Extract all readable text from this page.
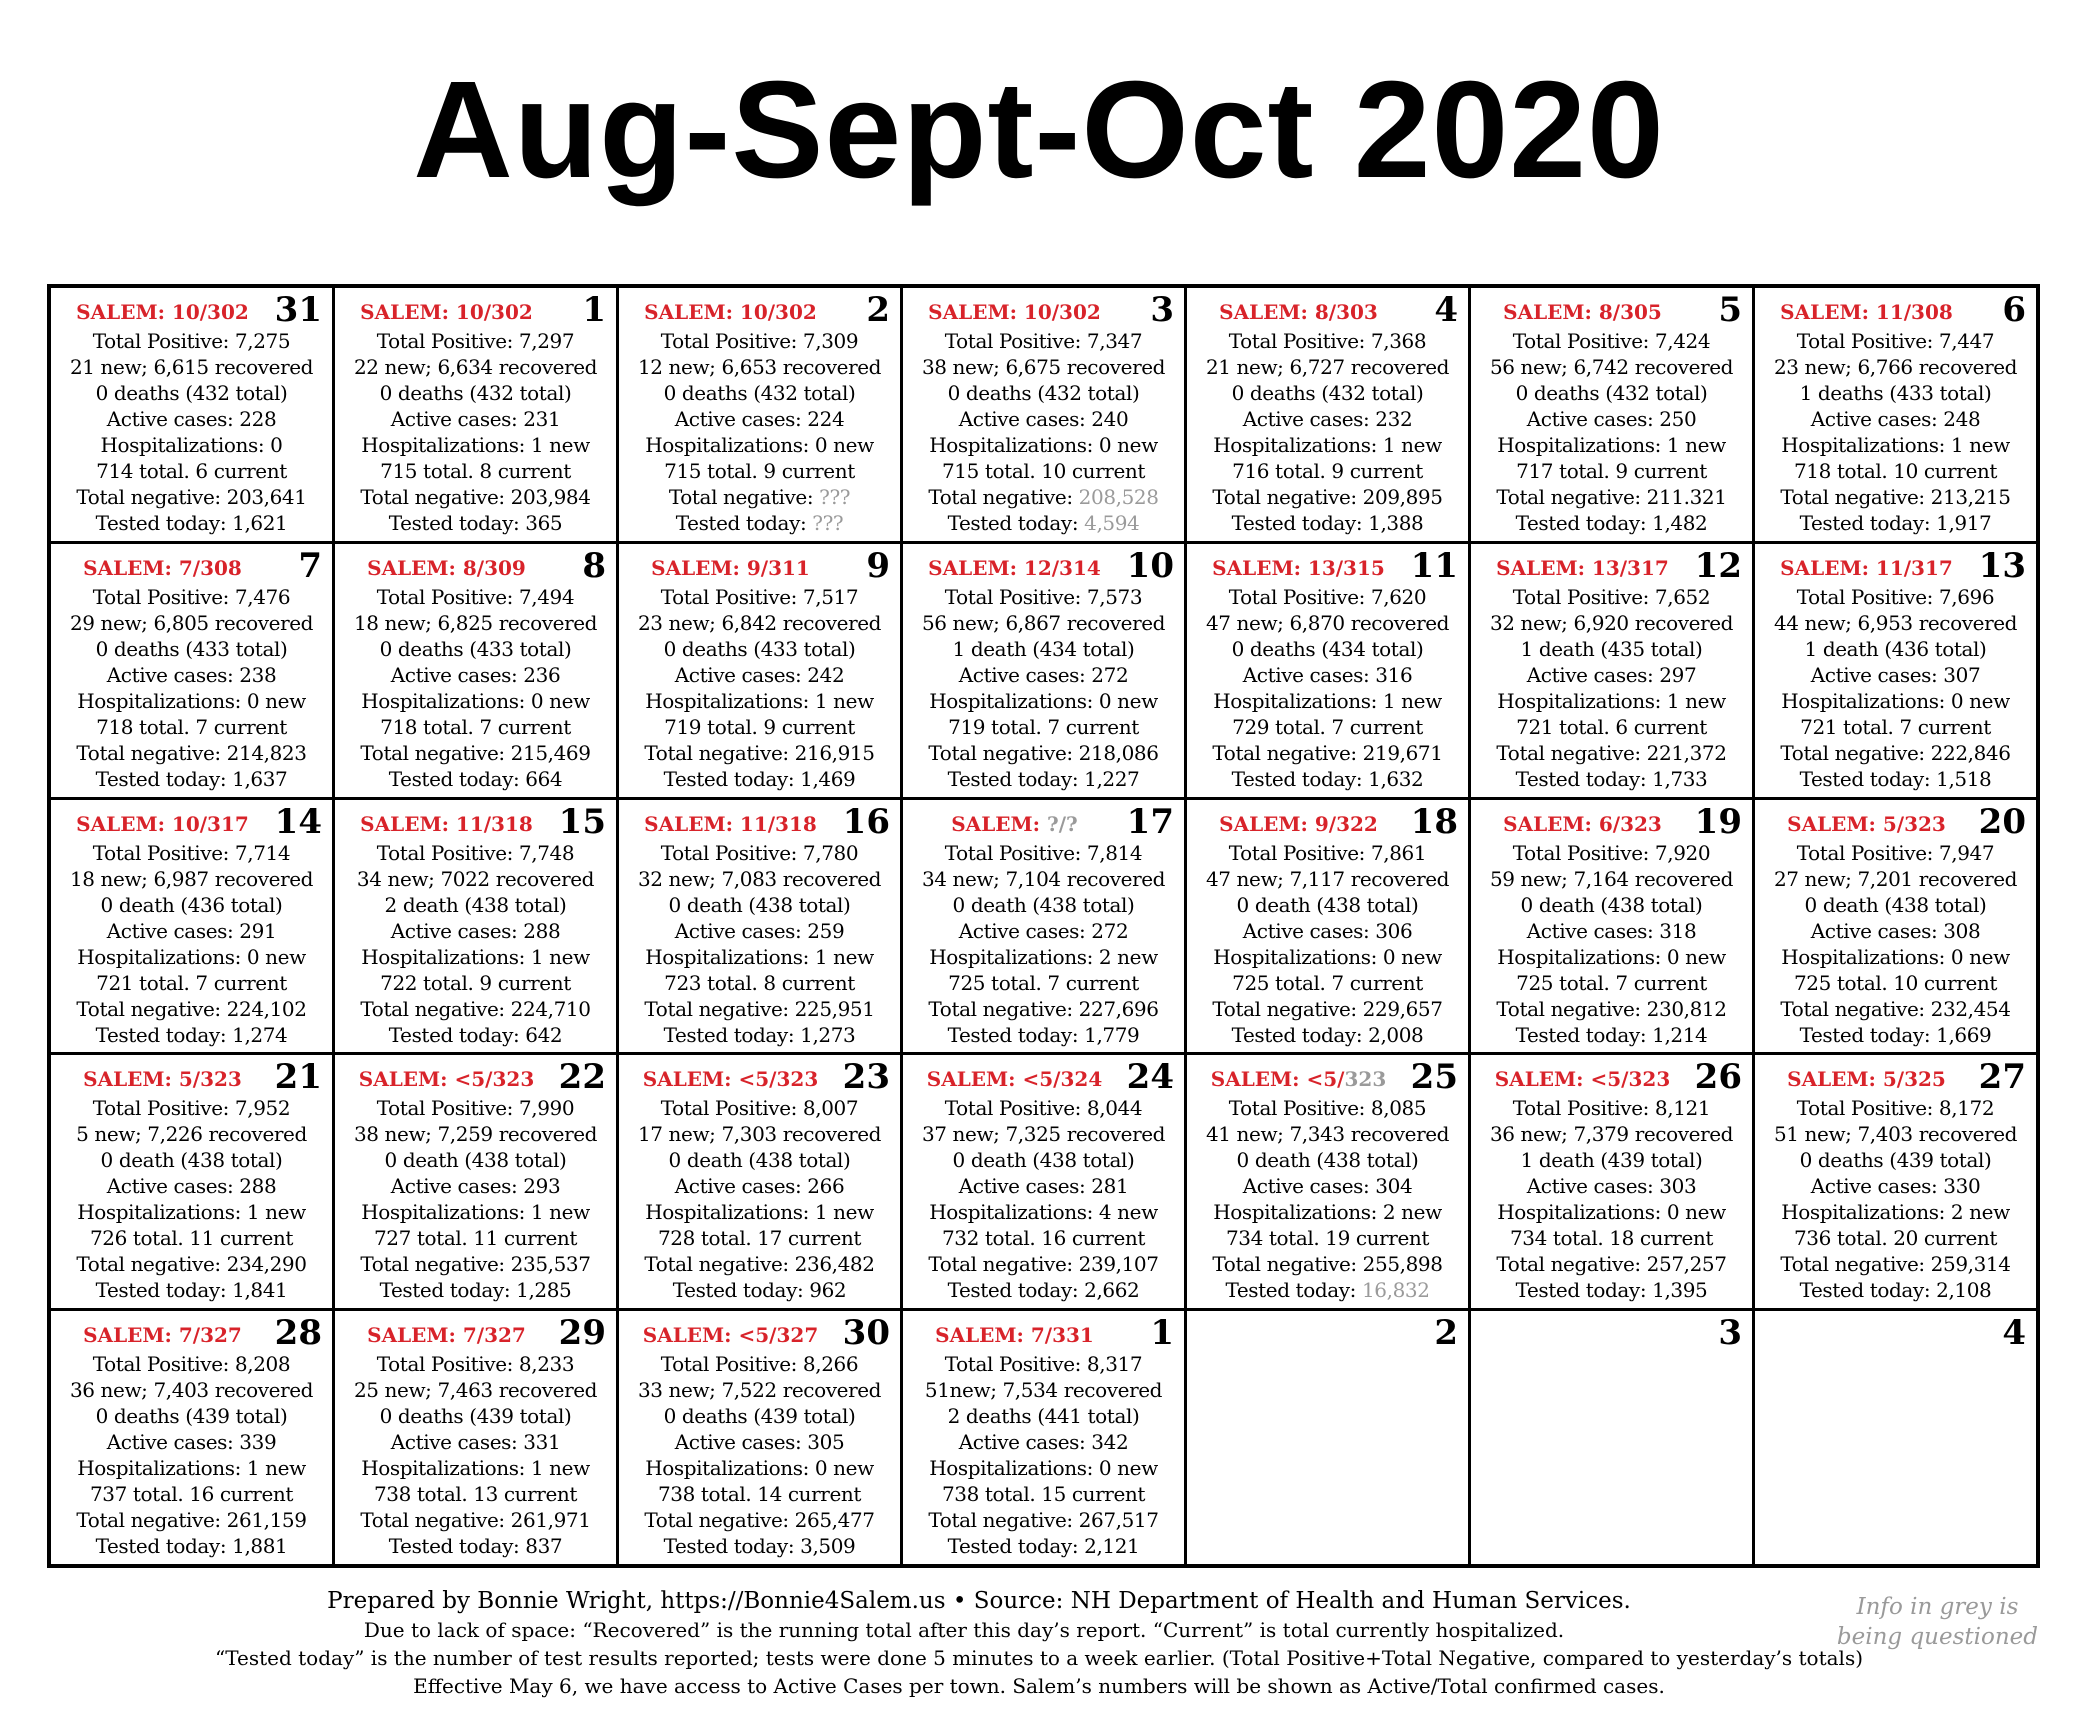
Aug-Sept-Oct 2020
SALEM: 10/302 31
Total Positive: 7,275
21 new; 6,615 recovered
0 deaths (432 total)
Active cases: 228
Hospitalizations: 0
714 total. 6 current
Total negative: 203,641
Tested today: 1,621
SALEM: 10/302	1
Total Positive: 7,297
22 new; 6,634 recovered
0 deaths (432 total)
Active cases: 231
Hospitalizations: 1 new
715 total. 8 current
Total negative: 203,984
Tested today: 365
SALEM: 10/302	2
Total Positive: 7,309
12 new; 6,653 recovered
0 deaths (432 total)
Active cases: 224
Hospitalizations: 0 new
715 total. 9 current
Total negative: ???
Tested today: ???
SALEM: 10/302	3
Total Positive: 7,347
38 new; 6,675 recovered
0 deaths (432 total)
Active cases: 240
Hospitalizations: 0 new
715 total. 10 current
Total negative: 208,528
Tested today: 4,594
SALEM: 8/303	4
Total Positive: 7,368
21 new; 6,727 recovered
0 deaths (432 total)
Active cases: 232
Hospitalizations: 1 new
716 total. 9 current
Total negative: 209,895
Tested today: 1,388
SALEM: 8/305	5
Total Positive: 7,424
56 new; 6,742 recovered
0 deaths (432 total)
Active cases: 250
Hospitalizations: 1 new
717 total. 9 current
Total negative: 211.321
Tested today: 1,482
SALEM: 11/308	6
Total Positive: 7,447
23 new; 6,766 recovered
1 deaths (433 total)
Active cases: 248
Hospitalizations: 1 new
718 total. 10 current
Total negative: 213,215
Tested today: 1,917
SALEM: 7/308	7
Total Positive: 7,476
29 new; 6,805 recovered
0 deaths (433 total)
Active cases: 238
Hospitalizations: 0 new
718 total. 7 current
Total negative: 214,823
Tested today: 1,637
SALEM: 8/309	8
Total Positive: 7,494
18 new; 6,825 recovered
0 deaths (433 total)
Active cases: 236
Hospitalizations: 0 new
718 total. 7 current
Total negative: 215,469
Tested today: 664
SALEM: 9/311	9
Total Positive: 7,517
23 new; 6,842 recovered
0 deaths (433 total)
Active cases: 242
Hospitalizations: 1 new
719 total. 9 current
Total negative: 216,915
Tested today: 1,469
SALEM: 12/314 10
Total Positive: 7,573
56 new; 6,867 recovered
1 death (434 total)
Active cases: 272
Hospitalizations: 0 new
719 total. 7 current
Total negative: 218,086
Tested today: 1,227
SALEM: 13/315 11
Total Positive: 7,620
47 new; 6,870 recovered
0 deaths (434 total)
Active cases: 316
Hospitalizations: 1 new
729 total. 7 current
Total negative: 219,671
Tested today: 1,632
SALEM: 13/317 12
Total Positive: 7,652
32 new; 6,920 recovered
1 death (435 total)
Active cases: 297
Hospitalizations: 1 new
721 total. 6 current
Total negative: 221,372
Tested today: 1,733
SALEM: 11/317 13
Total Positive: 7,696
44 new; 6,953 recovered
1 death (436 total)
Active cases: 307
Hospitalizations: 0 new
721 total. 7 current
Total negative: 222,846
Tested today: 1,518
SALEM: 10/317 14
Total Positive: 7,714
18 new; 6,987 recovered
0 death (436 total)
Active cases: 291
Hospitalizations: 0 new
721 total. 7 current
Total negative: 224,102
Tested today: 1,274
SALEM: 11/318 15
Total Positive: 7,748
34 new; 7022 recovered
2 death (438 total)
Active cases: 288
Hospitalizations: 1 new
722 total. 9 current
Total negative: 224,710
Tested today: 642
SALEM: 11/318 16
Total Positive: 7,780
32 new; 7,083 recovered
0 death (438 total)
Active cases: 259
Hospitalizations: 1 new
723 total. 8 current
Total negative: 225,951
Tested today: 1,273
SALEM: ?/?	17
Total Positive: 7,814
34 new; 7,104 recovered
0 death (438 total)
Active cases: 272
Hospitalizations: 2 new
725 total. 7 current
Total negative: 227,696
Tested today: 1,779
SALEM: 9/322 18
Total Positive: 7,861
47 new; 7,117 recovered
0 death (438 total)
Active cases: 306
Hospitalizations: 0 new
725 total. 7 current
Total negative: 229,657
Tested today: 2,008
SALEM: 6/323 19
Total Positive: 7,920
59 new; 7,164 recovered
0 death (438 total)
Active cases: 318
Hospitalizations: 0 new
725 total. 7 current
Total negative: 230,812
Tested today: 1,214
SALEM: 5/323 20
Total Positive: 7,947
27 new; 7,201 recovered
0 death (438 total)
Active cases: 308
Hospitalizations: 0 new
725 total. 10 current
Total negative: 232,454
Tested today: 1,669
SALEM: 5/323 21
Total Positive: 7,952
5 new; 7,226 recovered
0 death (438 total)
Active cases: 288
Hospitalizations: 1 new
726 total. 11 current
Total negative: 234,290
Tested today: 1,841
SALEM: <5/323 22
Total Positive: 7,990
38 new; 7,259 recovered
0 death (438 total)
Active cases: 293
Hospitalizations: 1 new
727 total. 11 current
Total negative: 235,537
Tested today: 1,285
SALEM: <5/323 23
Total Positive: 8,007
17 new; 7,303 recovered
0 death (438 total)
Active cases: 266
Hospitalizations: 1 new
728 total. 17 current
Total negative: 236,482
Tested today: 962
SALEM: <5/324 24
Total Positive: 8,044
37 new; 7,325 recovered
0 death (438 total)
Active cases: 281
Hospitalizations: 4 new
732 total. 16 current
Total negative: 239,107
Tested today: 2,662
SALEM: <5/323 25
Total Positive: 8,085
41 new; 7,343 recovered
0 death (438 total)
Active cases: 304
Hospitalizations: 2 new
734 total. 19 current
Total negative: 255,898
Tested today: 16,832
SALEM: <5/323 26
Total Positive: 8,121
36 new; 7,379 recovered
1 death (439 total)
Active cases: 303
Hospitalizations: 0 new
734 total. 18 current
Total negative: 257,257
Tested today: 1,395
SALEM: 5/325 27
Total Positive: 8,172
51 new; 7,403 recovered
0 deaths (439 total)
Active cases: 330
Hospitalizations: 2 new
736 total. 20 current
Total negative: 259,314
Tested today: 2,108
SALEM: 7/327 28
Total Positive: 8,208
36 new; 7,403 recovered
0 deaths (439 total)
Active cases: 339
Hospitalizations: 1 new
737 total. 16 current
Total negative: 261,159
Tested today: 1,881
SALEM: 7/327 29
Total Positive: 8,233
25 new; 7,463 recovered
0 deaths (439 total)
Active cases: 331
Hospitalizations: 1 new
738 total. 13 current
Total negative: 261,971
Tested today: 837
SALEM: <5/327 30
Total Positive: 8,266
33 new; 7,522 recovered
0 deaths (439 total)
Active cases: 305
Hospitalizations: 0 new
738 total. 14 current
Total negative: 265,477
Tested today: 3,509
SALEM: 7/331	1
Total Positive: 8,317
51new; 7,534 recovered
2 deaths (441 total)
Active cases: 342
Hospitalizations: 0 new
738 total. 15 current
Total negative: 267,517
Tested today: 2,121
2	3	4
Prepared by Bonnie Wright, https://Bonnie4Salem.us • Source: NH Department of Health and Human Services.
Due to lack of space: “Recovered” is the running total after this day’s report. “Current” is total currently hospitalized.
“Tested today” is the number of test results reported; tests were done 5 minutes to a week earlier. (Total Positive+Total Negative, compared to yesterday’s totals)
Effective May 6, we have access to Active Cases per town. Salem’s numbers will be shown as Active/Total confirmed cases.
Info in grey is
being questioned
